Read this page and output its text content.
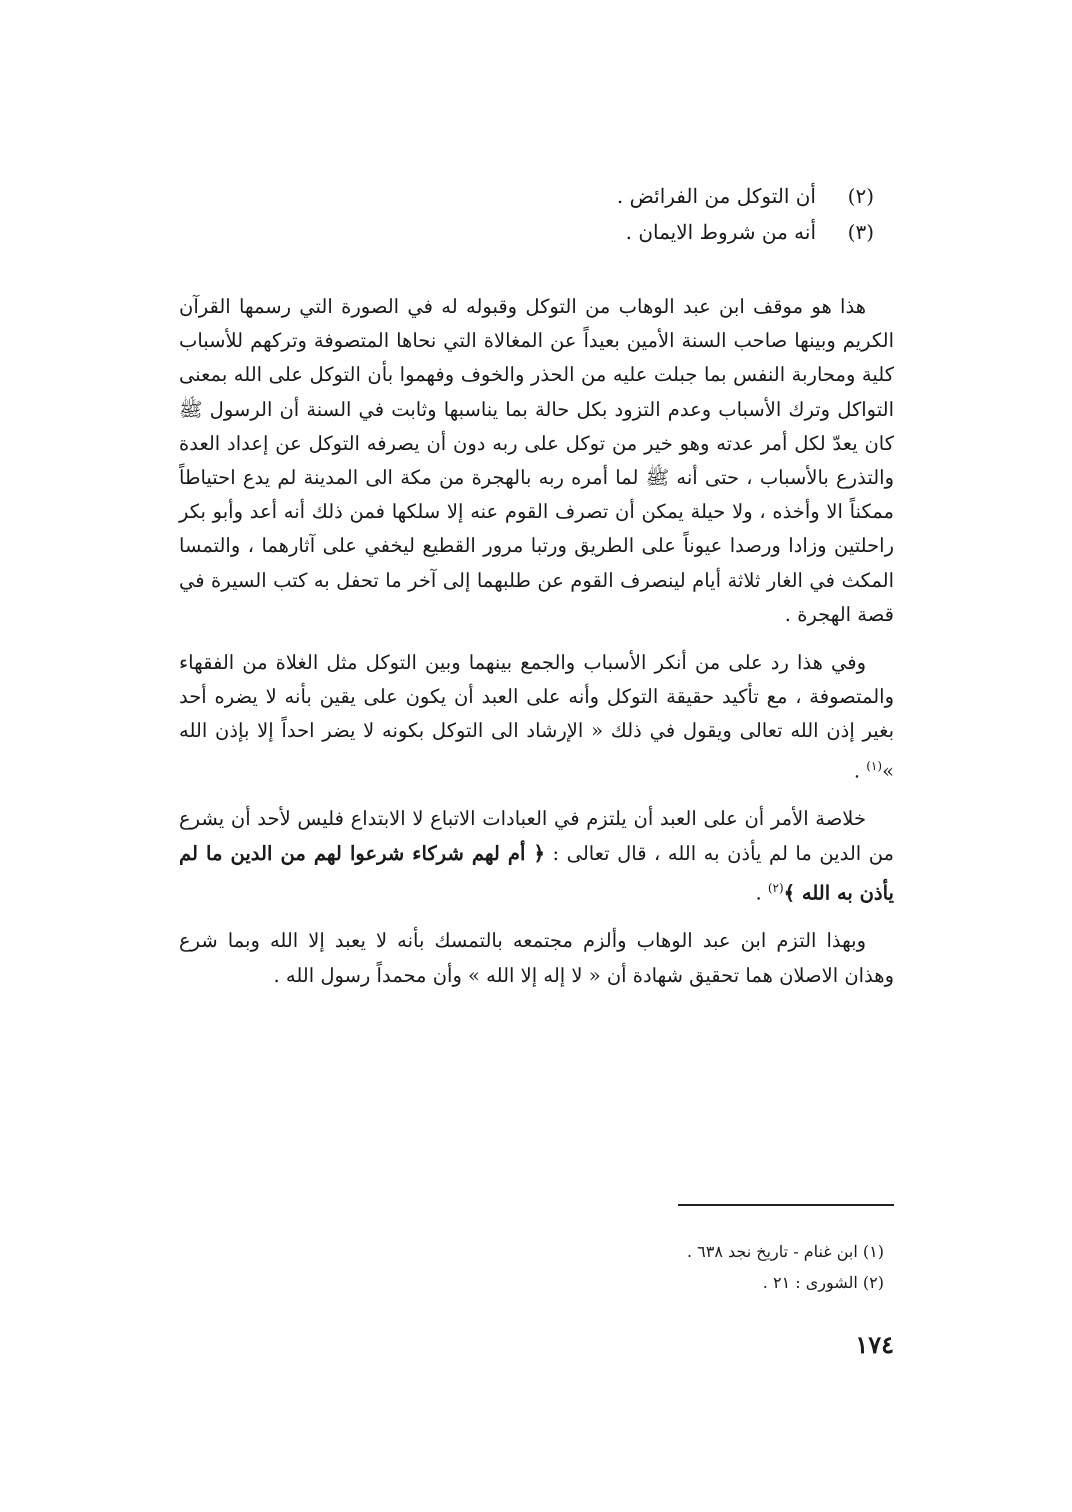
(٢)
أن التوكل من الفرائض .
(٣)
أنه من شروط الايمان .

هذا هو موقف ابن عبد الوهاب من التوكل وقبوله له في الصورة التي رسمها القرآن الكريم وبينها صاحب السنة الأمين بعيداً عن المغالاة التي نحاها المتصوفة وتركهم للأسباب كلية ومحاربة النفس بما جبلت عليه من الحذر والخوف وفهموا بأن التوكل على الله بمعنى التواكل وترك الأسباب وعدم التزود بكل حالة بما يناسبها وثابت في السنة أن الرسول ﷺ كان يعدّ لكل أمر عدته وهو خير من توكل على ربه دون أن يصرفه التوكل عن إعداد العدة والتذرع بالأسباب ، حتى أنه ﷺ لما أمره ربه بالهجرة من مكة الى المدينة لم يدع احتياطاً ممكناً الا وأخذه ، ولا حيلة يمكن أن تصرف القوم عنه إلا سلكها فمن ذلك أنه أعد وأبو بكر راحلتين وزادا ورصدا عيوناً على الطريق ورتبا مرور القطيع ليخفي على آثارهما ، والتمسا المكث في الغار ثلاثة أيام لينصرف القوم عن طلبهما إلى آخر ما تحفل به كتب السيرة في قصة الهجرة .

وفي هذا رد على من أنكر الأسباب والجمع بينهما وبين التوكل مثل الغلاة من الفقهاء والمتصوفة ، مع تأكيد حقيقة التوكل وأنه على العبد أن يكون على يقين بأنه لا يضره أحد بغير إذن الله تعالى ويقول في ذلك « الإرشاد الى التوكل بكونه لا يضر احداً إلا بإذن الله »$^{(١)}$ .

خلاصة الأمر أن على العبد أن يلتزم في العبادات الاتباع لا الابتداع فليس لأحد أن يشرع من الدين ما لم يأذن به الله ، قال تعالى : ﴿ أم لهم شركاء شرعوا لهم من الدين ما لم يأذن به الله ﴾$^{(٢)}$ .

وبهذا التزم ابن عبد الوهاب وألزم مجتمعه بالتمسك بأنه لا يعبد إلا الله وبما شرع وهذان الاصلان هما تحقيق شهادة أن « لا إله إلا الله » وأن محمداً رسول الله .

(١) ابن غنام - تاريخ نجد ٦٣٨ .
(٢) الشورى : ٢١ .
١٧٤
